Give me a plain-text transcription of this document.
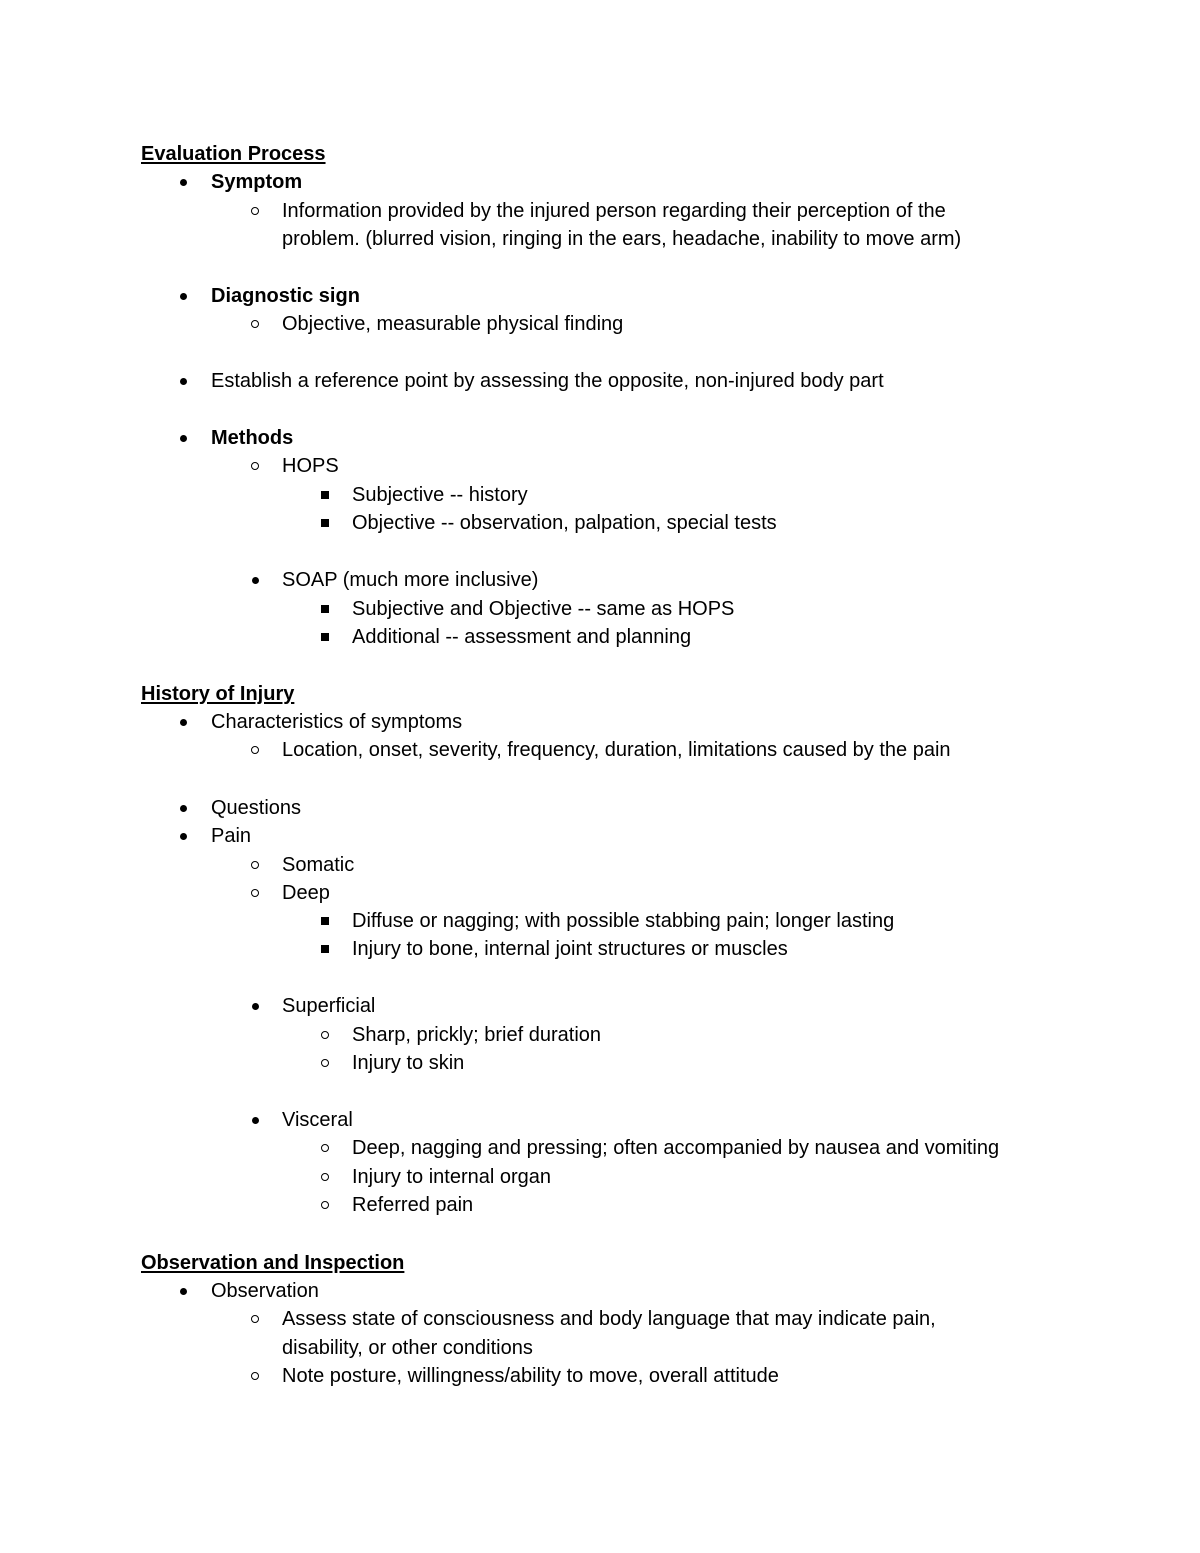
Evaluation Process
Symptom
Information provided by the injured person regarding their perception of the
problem. (blurred vision, ringing in the ears, headache, inability to move arm)
Diagnostic sign
Objective, measurable physical finding
Establish a reference point by assessing the opposite, non-injured body part
Methods
HOPS
Subjective -- history
Objective -- observation, palpation, special tests
SOAP (much more inclusive)
Subjective and Objective -- same as HOPS
Additional -- assessment and planning
History of Injury
Characteristics of symptoms
Location, onset, severity, frequency, duration, limitations caused by the pain
Questions
Pain
Somatic
Deep
Diffuse or nagging; with possible stabbing pain; longer lasting
Injury to bone, internal joint structures or muscles
Superficial
Sharp, prickly; brief duration
Injury to skin
Visceral
Deep, nagging and pressing; often accompanied by nausea and vomiting
Injury to internal organ
Referred pain
Observation and Inspection
Observation
Assess state of consciousness and body language that may indicate pain,
disability, or other conditions
Note posture, willingness/ability to move, overall attitude
